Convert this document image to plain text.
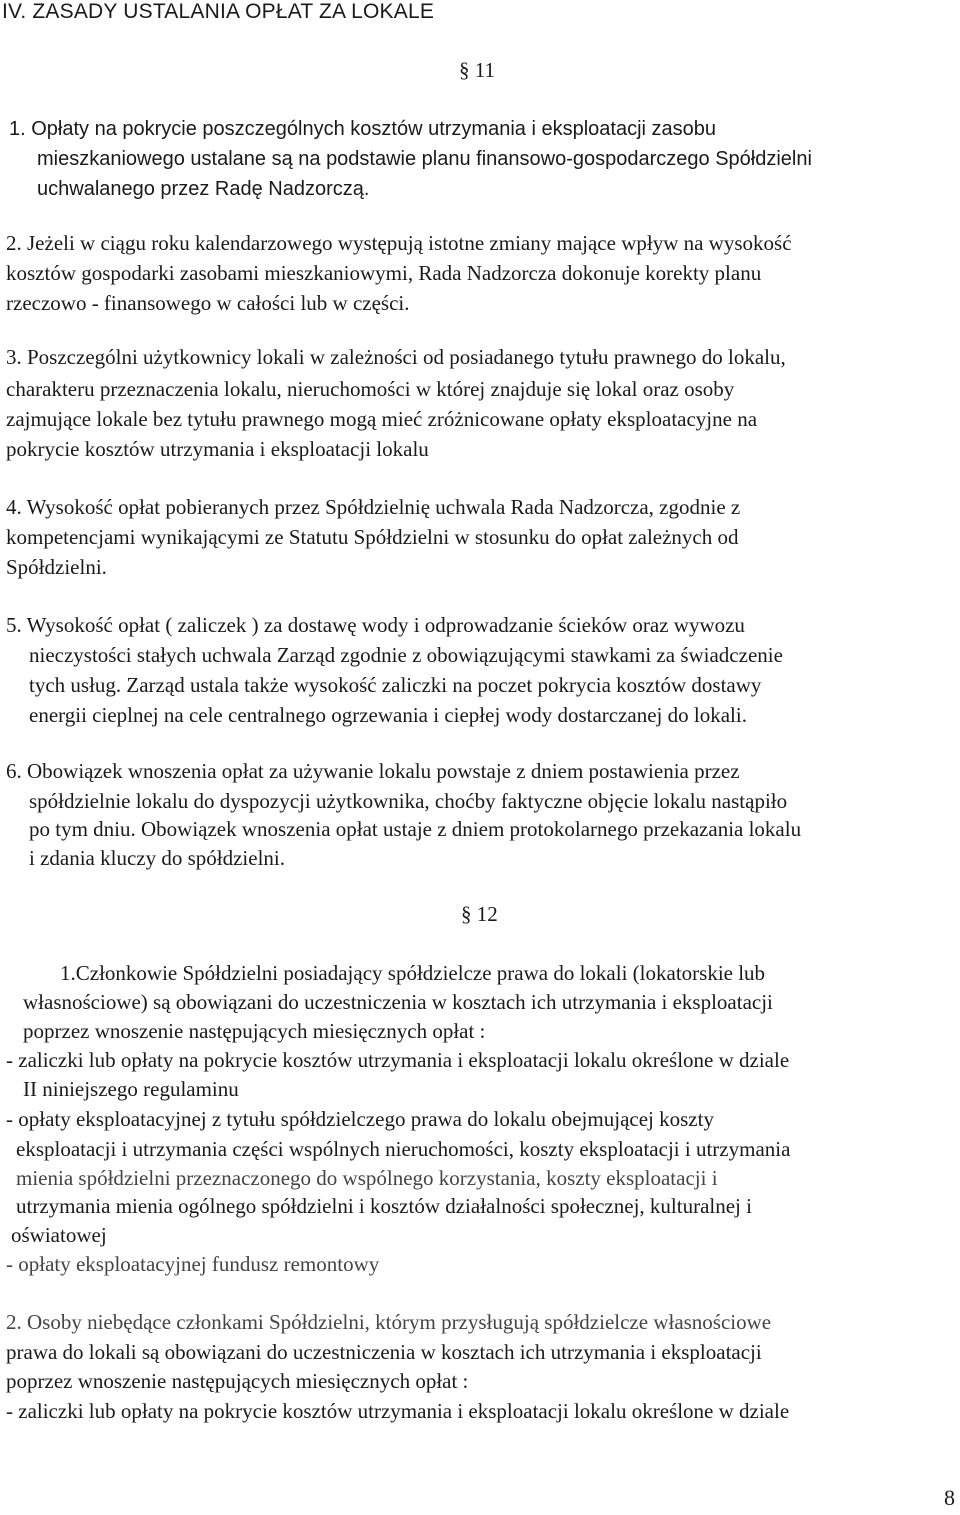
IV. ZASADY USTALANIA OPŁAT ZA LOKALE
§ 11
1. Opłaty na pokrycie poszczególnych kosztów utrzymania i eksploatacji zasobu
mieszkaniowego ustalane są na podstawie planu finansowo-gospodarczego Spółdzielni
uchwalanego przez Radę Nadzorczą.
2. Jeżeli w ciągu roku kalendarzowego występują istotne zmiany mające wpływ na wysokość
kosztów gospodarki zasobami mieszkaniowymi, Rada Nadzorcza dokonuje korekty planu
rzeczowo - finansowego w całości lub w części.
3. Poszczególni użytkownicy lokali w zależności od posiadanego tytułu prawnego do lokalu,
charakteru przeznaczenia lokalu, nieruchomości w której znajduje się lokal oraz osoby
zajmujące lokale bez tytułu prawnego mogą mieć zróżnicowane opłaty eksploatacyjne na
pokrycie kosztów utrzymania i eksploatacji lokalu
4. Wysokość opłat pobieranych przez Spółdzielnię uchwala Rada Nadzorcza, zgodnie z
kompetencjami wynikającymi ze Statutu Spółdzielni w stosunku do opłat zależnych od
Spółdzielni.
5. Wysokość opłat ( zaliczek ) za dostawę wody i odprowadzanie ścieków oraz wywozu
nieczystości stałych uchwala Zarząd zgodnie z obowiązującymi stawkami za świadczenie
tych usług. Zarząd ustala także wysokość zaliczki na poczet pokrycia kosztów dostawy
energii cieplnej na cele centralnego ogrzewania i ciepłej wody dostarczanej do lokali.
6. Obowiązek wnoszenia opłat za używanie lokalu powstaje z dniem postawienia przez
spółdzielnie lokalu do dyspozycji użytkownika, choćby faktyczne objęcie lokalu nastąpiło
po tym dniu. Obowiązek wnoszenia opłat ustaje z dniem protokolarnego przekazania lokalu
i zdania kluczy do spółdzielni.
§ 12
1.Członkowie Spółdzielni posiadający spółdzielcze prawa do lokali (lokatorskie lub
własnościowe) są obowiązani do uczestniczenia w kosztach ich utrzymania i eksploatacji
poprzez wnoszenie następujących miesięcznych opłat :
- zaliczki lub opłaty na pokrycie kosztów utrzymania i eksploatacji lokalu określone w dziale
II niniejszego regulaminu
- opłaty eksploatacyjnej z tytułu spółdzielczego prawa do lokalu obejmującej koszty
eksploatacji i utrzymania części wspólnych nieruchomości, koszty eksploatacji i utrzymania
mienia spółdzielni przeznaczonego do wspólnego korzystania, koszty eksploatacji i
utrzymania mienia ogólnego spółdzielni i kosztów działalności społecznej, kulturalnej i
oświatowej
- opłaty eksploatacyjnej fundusz remontowy
2. Osoby niebędące członkami Spółdzielni, którym przysługują spółdzielcze własnościowe
prawa do lokali są obowiązani do uczestniczenia w kosztach ich utrzymania i eksploatacji
poprzez wnoszenie następujących miesięcznych opłat :
- zaliczki lub opłaty na pokrycie kosztów utrzymania i eksploatacji lokalu określone w dziale
8
